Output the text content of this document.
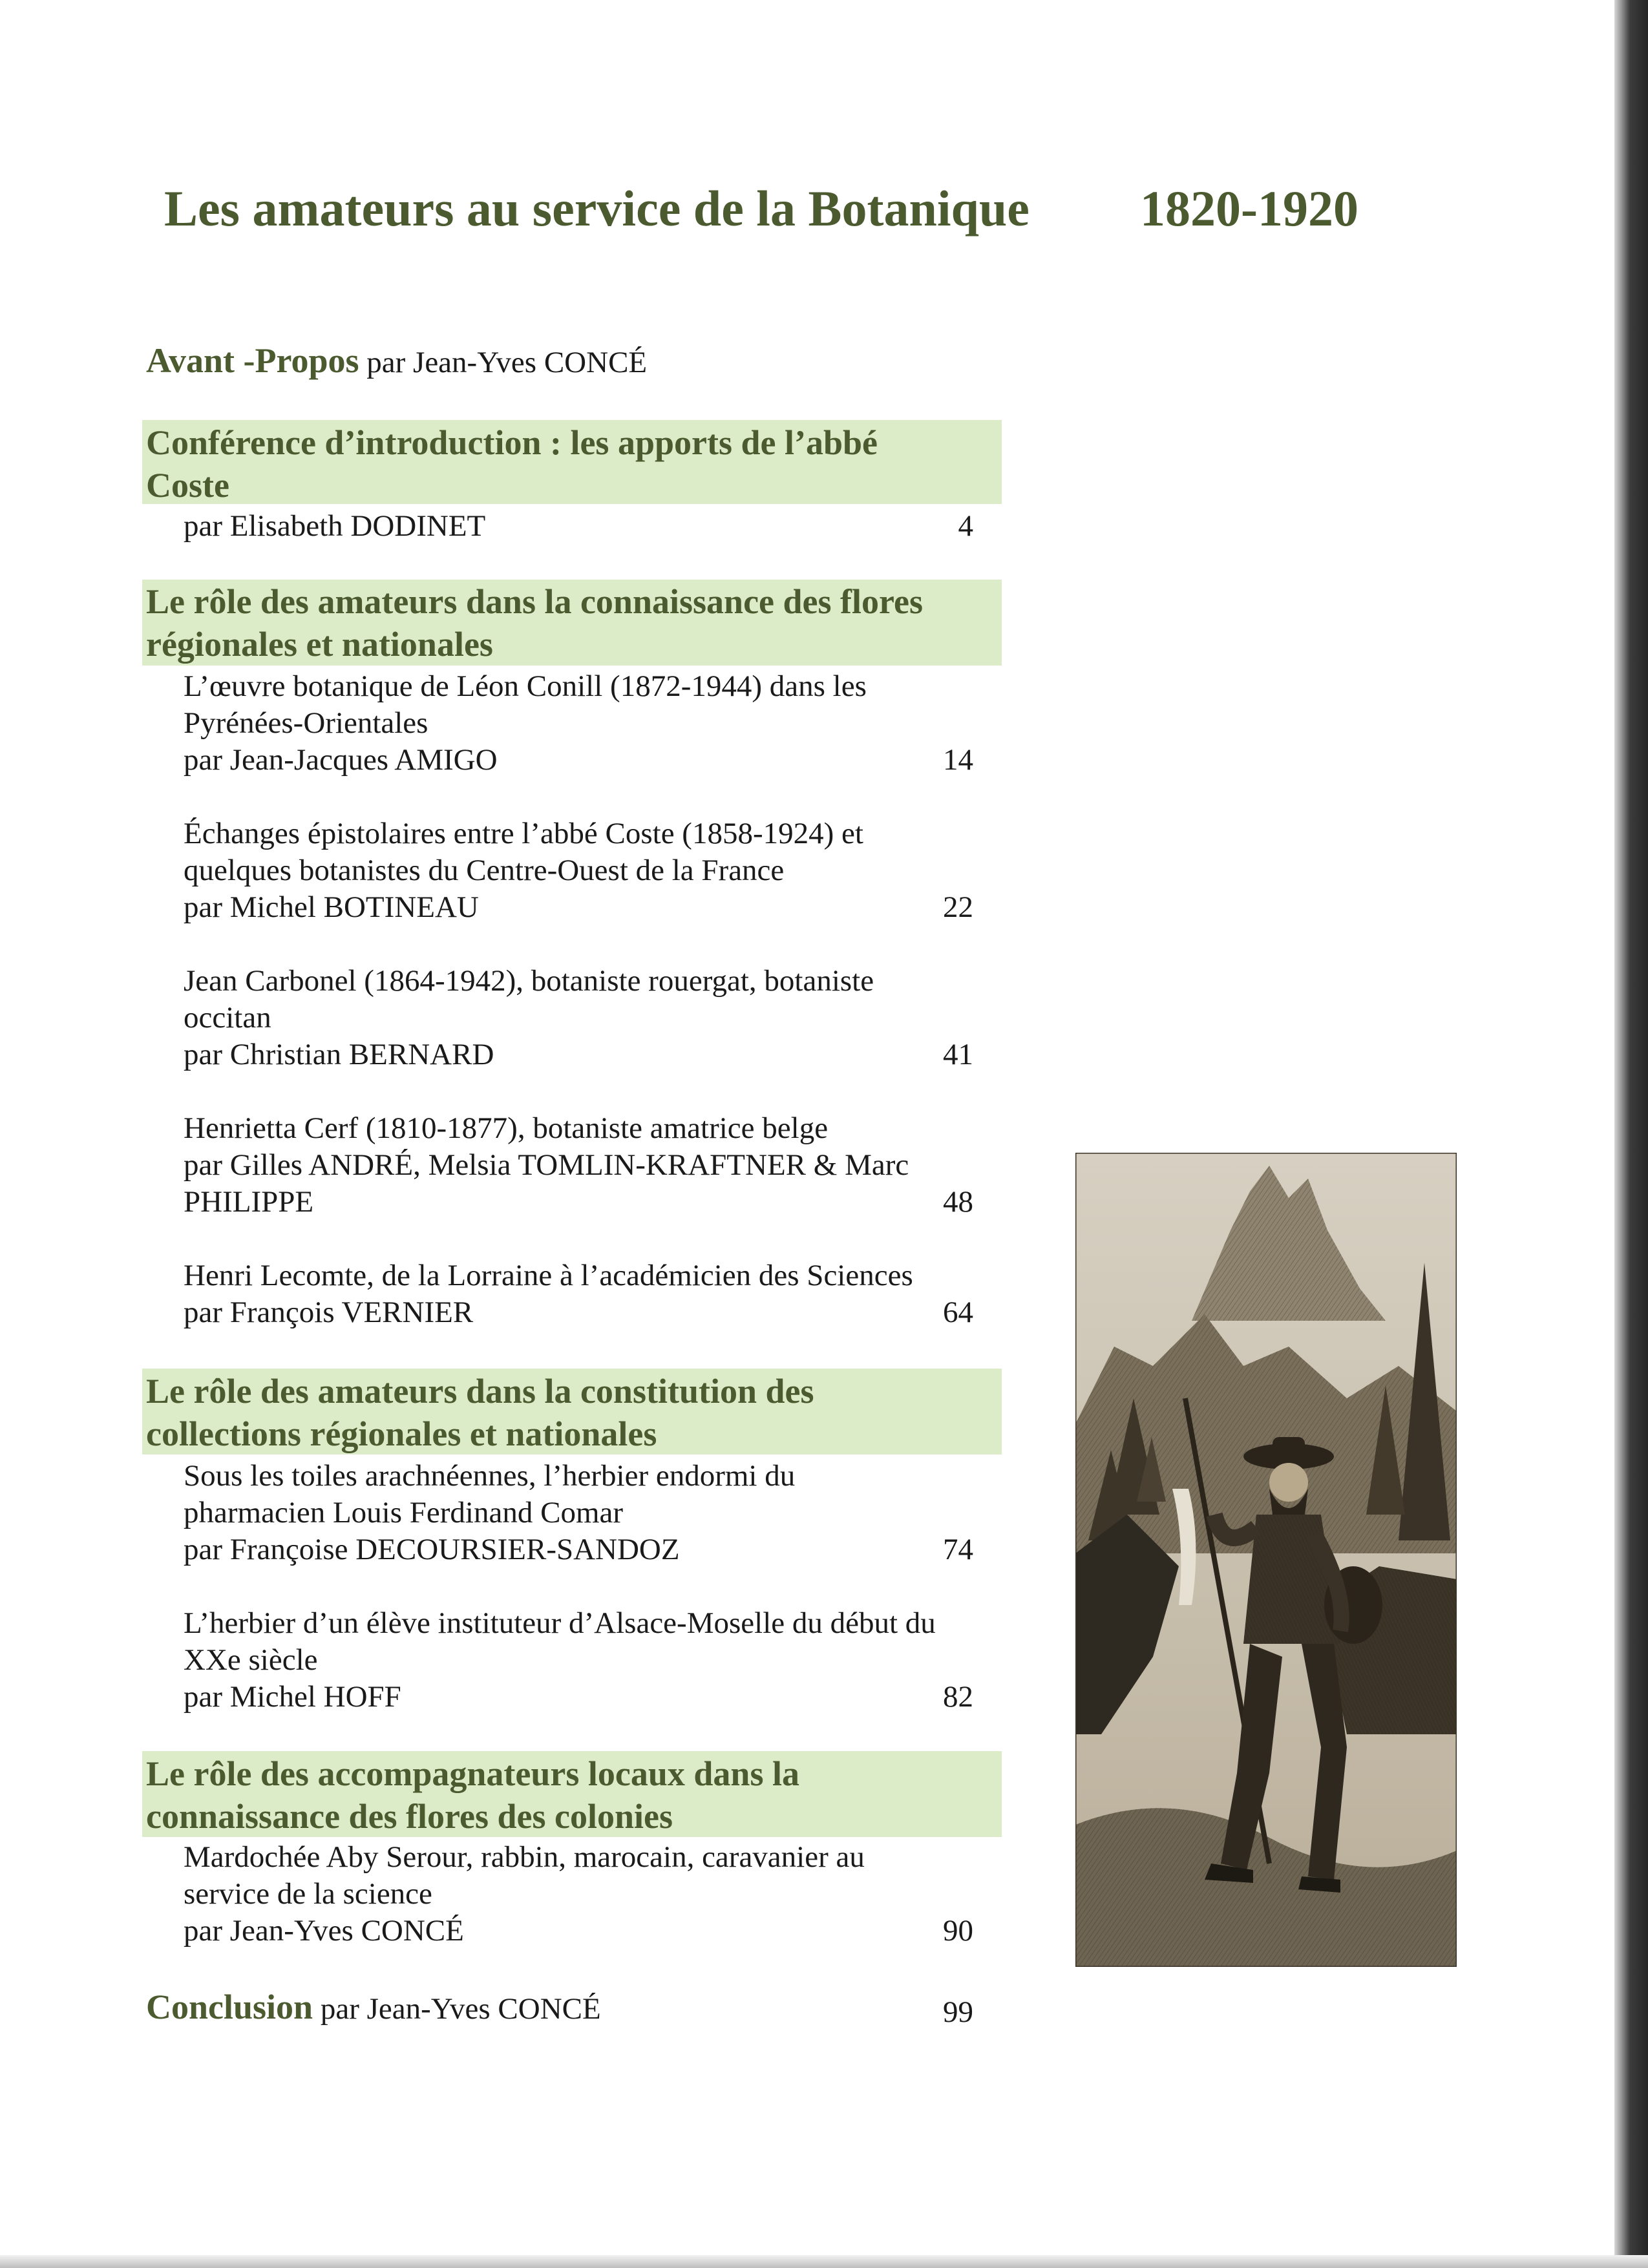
Les amateurs au service de la Botanique 1820-1920
Avant -Propos par Jean-Yves CONCÉ
Conférence d’introduction : les apports de l’abbé
Coste
par Elisabeth DODINET	4
Le rôle des amateurs dans la connaissance des flores
régionales et nationales
L’œuvre botanique de Léon Conill (1872-1944) dans les
Pyrénées-Orientales
par Jean-Jacques AMIGO	14
Échanges épistolaires entre l’abbé Coste (1858-1924) et
quelques botanistes du Centre-Ouest de la France
par Michel BOTINEAU	22
Jean Carbonel (1864-1942), botaniste rouergat, botaniste
occitan
par Christian BERNARD	41
Henrietta Cerf (1810-1877), botaniste amatrice belge
par Gilles ANDRÉ, Melsia TOMLIN-KRAFTNER & Marc
PHILIPPE	48
Henri Lecomte, de la Lorraine à l’académicien des Sciences
par François VERNIER	64
Le rôle des amateurs dans la constitution des
collections régionales et nationales
Sous les toiles arachnéennes, l’herbier endormi du
pharmacien Louis Ferdinand Comar
par Françoise DECOURSIER-SANDOZ	74
L’herbier d’un élève instituteur d’Alsace-Moselle du début du
XXe siècle
par Michel HOFF	82
Le rôle des accompagnateurs locaux dans la
connaissance des flores des colonies
Mardochée Aby Serour, rabbin, marocain, caravanier au
service de la science
par Jean-Yves CONCÉ	90
Conclusion par Jean-Yves CONCÉ	99
